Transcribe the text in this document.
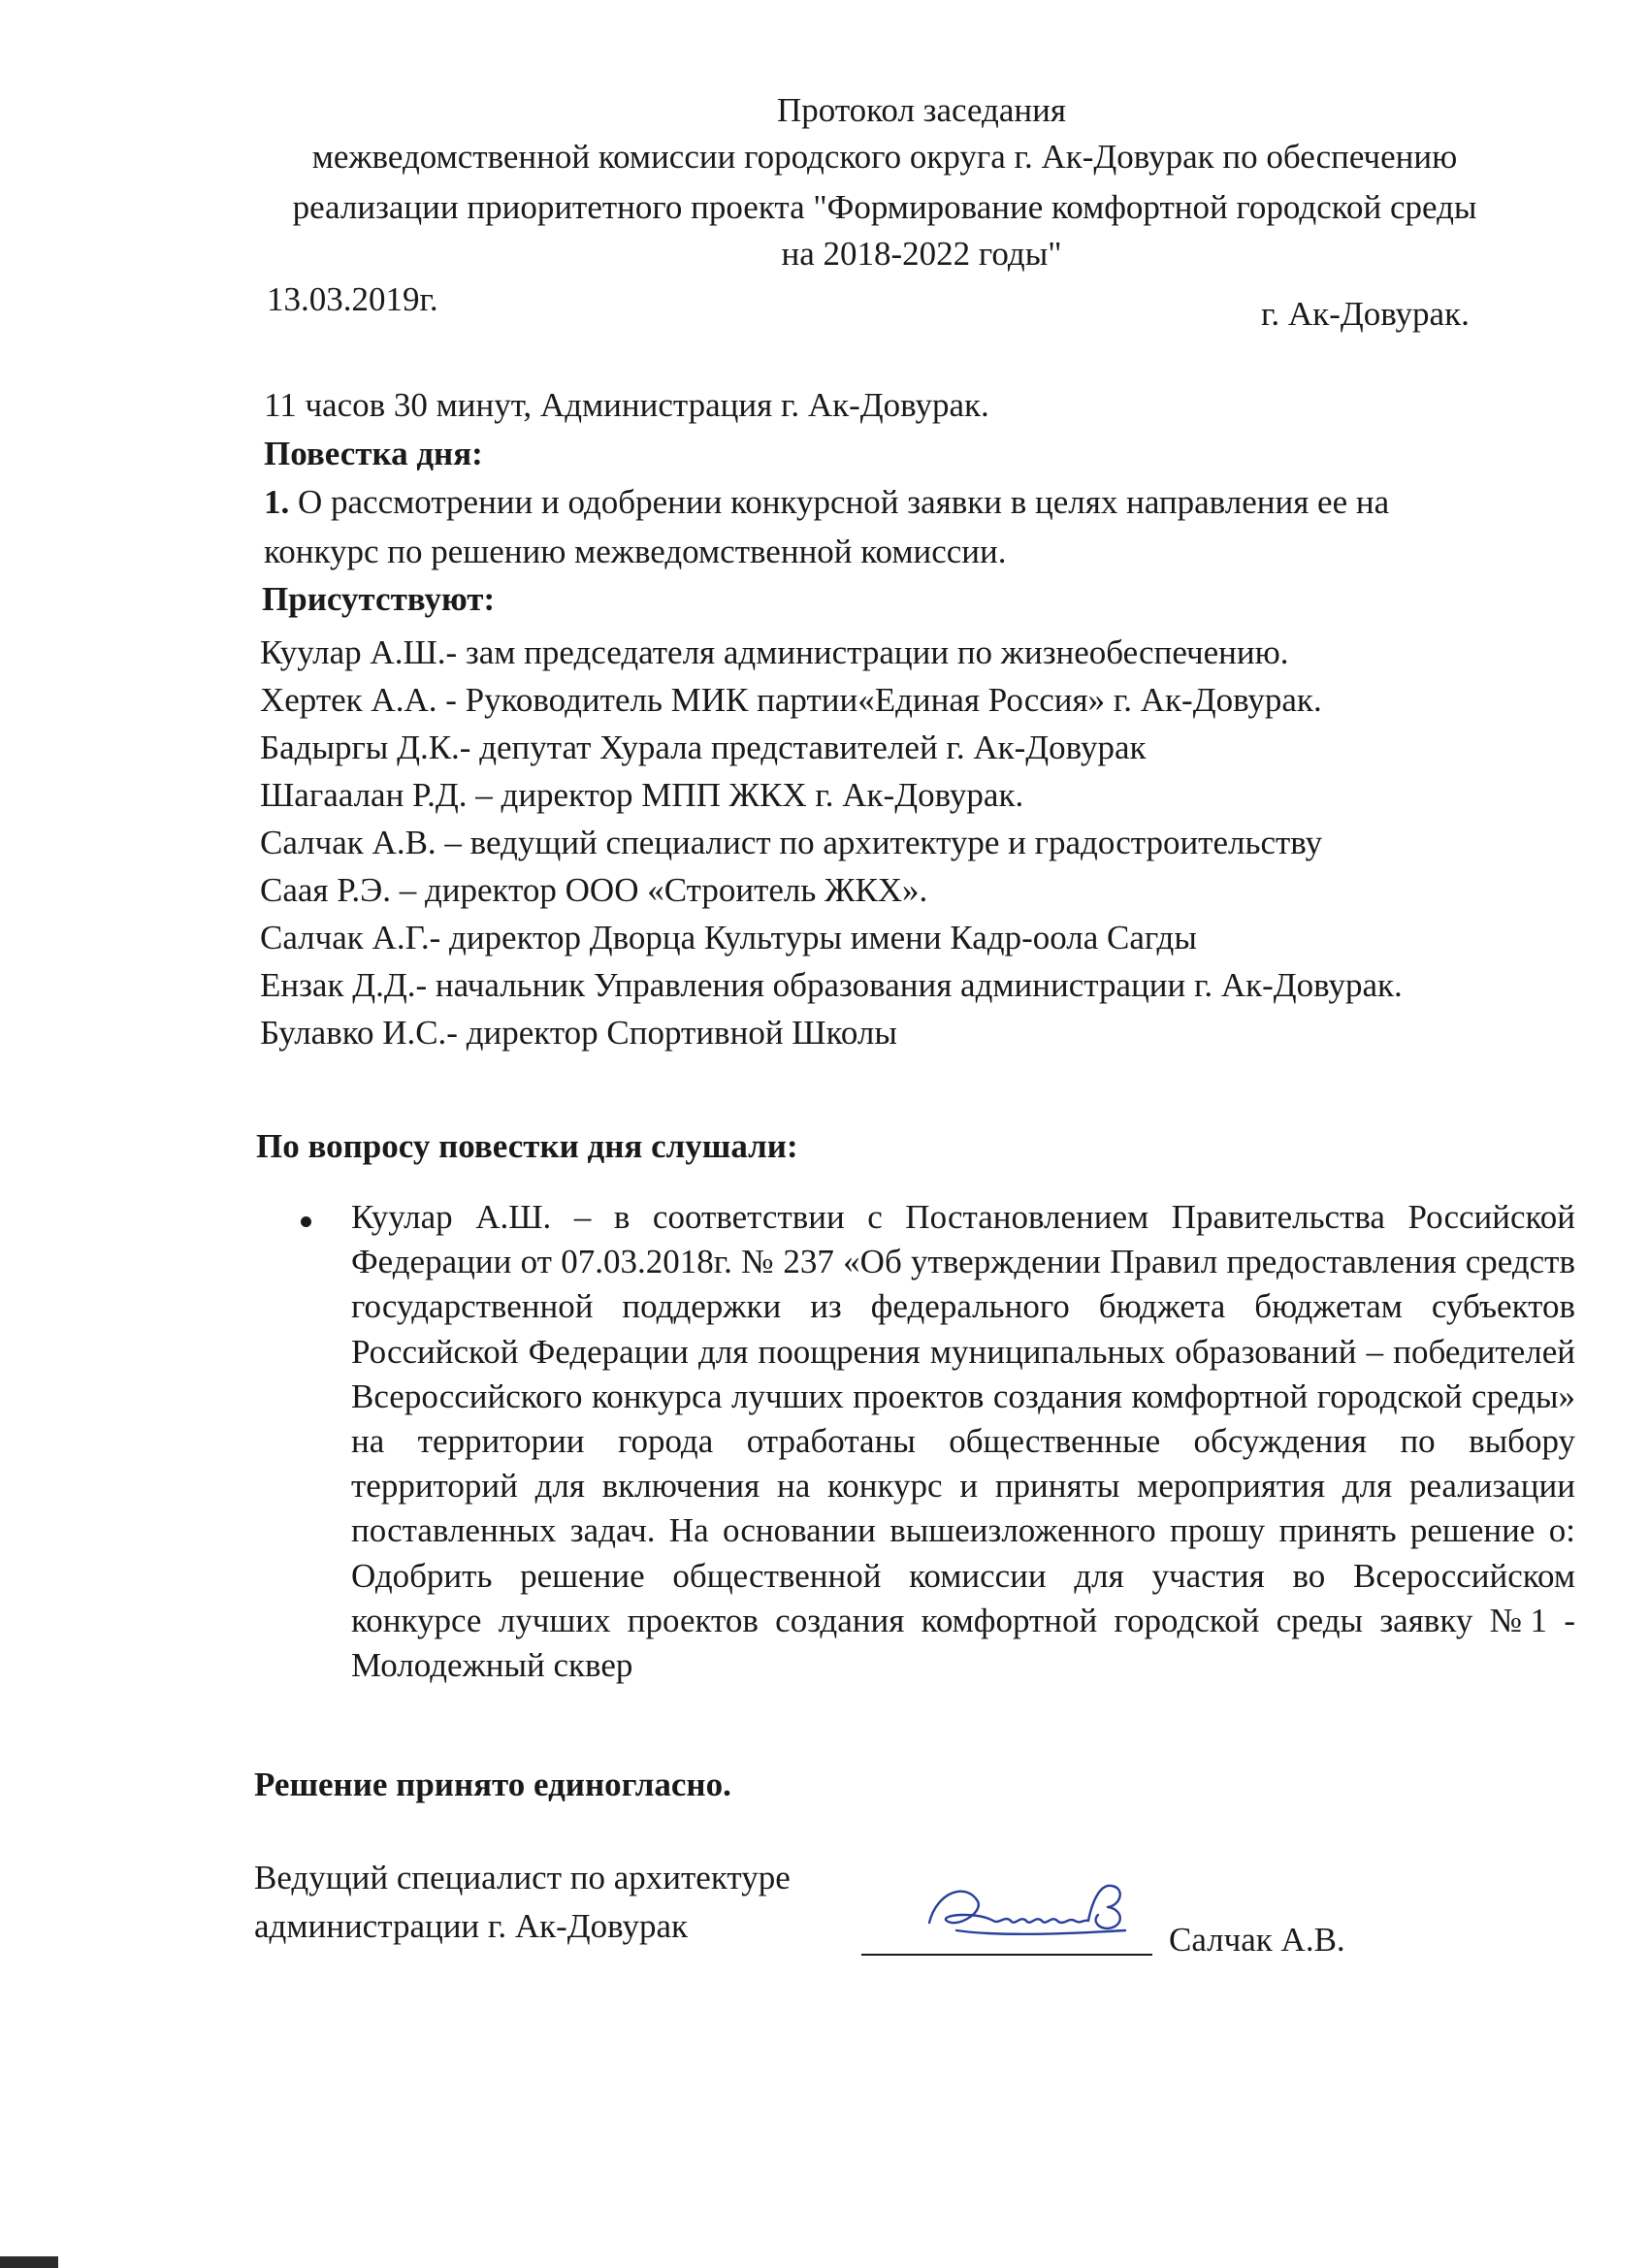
Протокол заседания
межведомственной комиссии городского округа г. Ак-Довурак по обеспечению
реализации приоритетного проекта "Формирование комфортной городской среды
на 2018-2022 годы"
13.03.2019г.	г. Ак-Довурак.
11 часов 30 минут, Администрация г. Ак-Довурак.
Повестка дня:
1. О рассмотрении и одобрении конкурсной заявки в целях направления ее на
конкурс по решению межведомственной комиссии.
Присутствуют:
Куулар А.Ш.- зам председателя администрации по жизнеобеспечению.
Хертек А.А. - Руководитель МИК партии«Единая Россия» г. Ак-Довурак.
Бадыргы Д.К.- депутат Хурала представителей г. Ак-Довурак
Шагаалан Р.Д. – директор МПП ЖКХ г. Ак-Довурак.
Салчак А.В. – ведущий специалист по архитектуре и градостроительству
Саая Р.Э. – директор ООО «Строитель ЖКХ».
Салчак А.Г.- директор Дворца Культуры имени Кадр-оола Сагды
Ензак Д.Д.- начальник Управления образования администрации г. Ак-Довурак.
Булавко И.С.- директор Спортивной Школы
По вопросу повестки дня слушали:
Куулар А.Ш. – в соответствии с Постановлением Правительства Российской Федерации от 07.03.2018г. № 237 «Об утверждении Правил предоставления средств государственной поддержки из федерального бюджета бюджетам субъектов Российской Федерации для поощрения муниципальных образований – победителей Всероссийского конкурса лучших проектов создания комфортной городской среды» на территории города отработаны общественные обсуждения по выбору территорий для включения на конкурс и приняты мероприятия для реализации поставленных задач. На основании вышеизложенного прошу принять решение о: Одобрить решение общественной комиссии для участия во Всероссийском конкурсе лучших проектов создания комфортной городской среды заявку №1 - Молодежный сквер
Решение принято единогласно.
Ведущий специалист по архитектуре
администрации г. Ак-Довурак	Салчак А.В.
